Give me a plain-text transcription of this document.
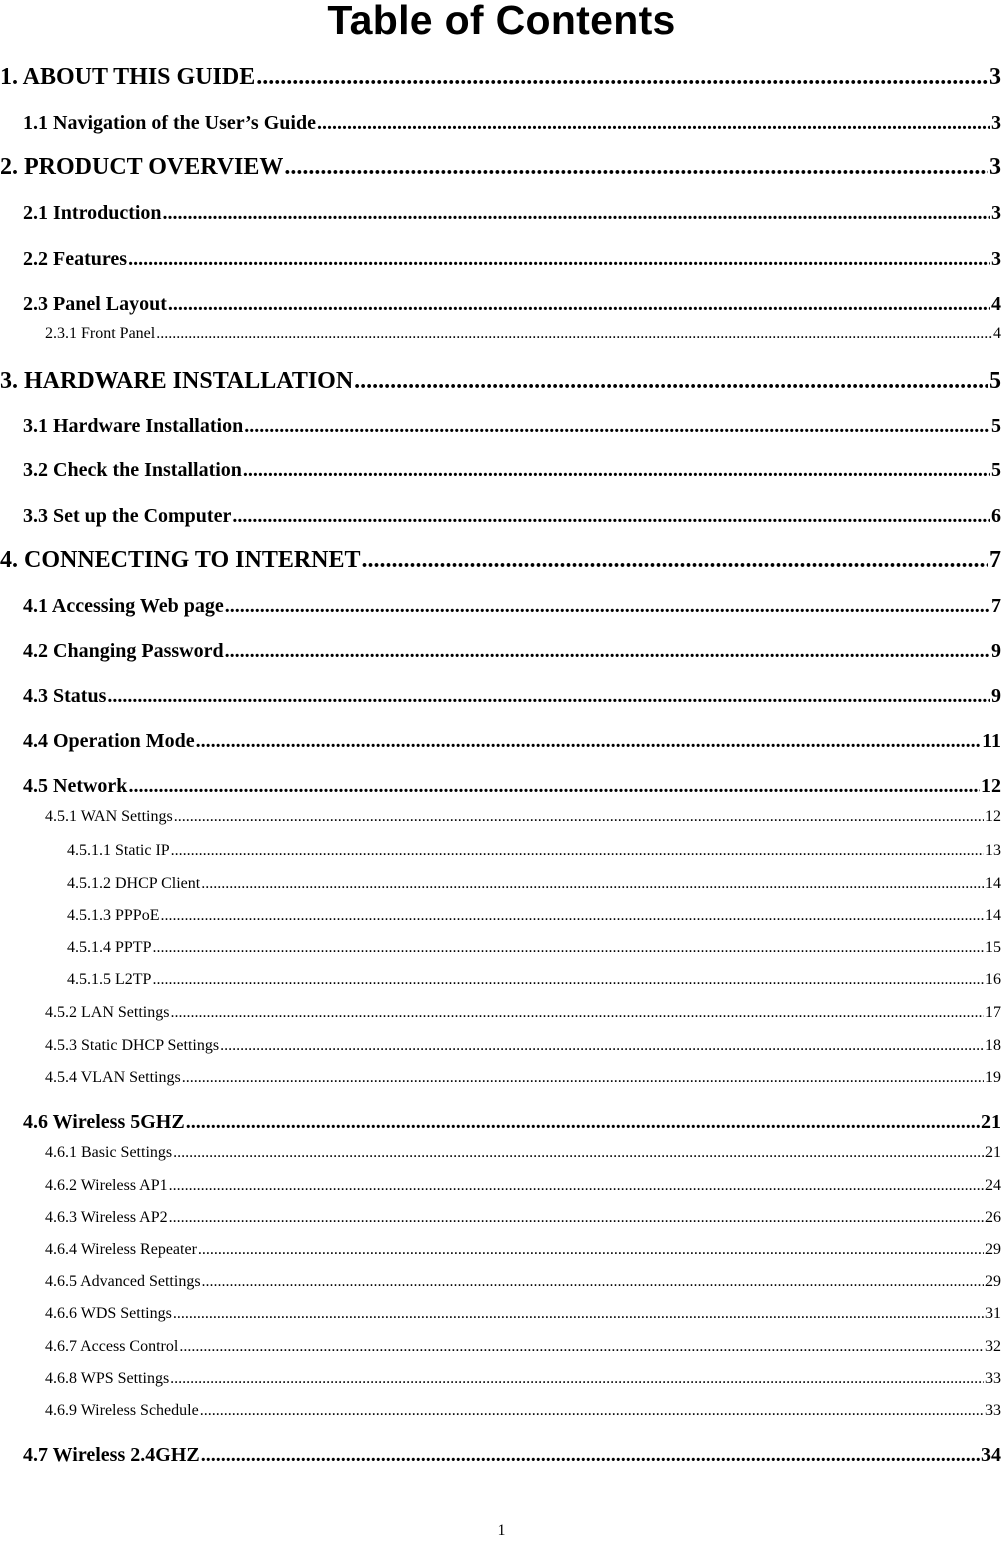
Table of Contents
1. ABOUT THIS GUIDE .....	3
1.1 Navigation of the User’s Guide .....	3
2. PRODUCT OVERVIEW .....	3
2.1 Introduction .....	3
2.2 Features .....	3
2.3 Panel Layout .....	4
2.3.1 Front Panel .....	4
3. HARDWARE INSTALLATION .....	5
3.1 Hardware Installation .....	5
3.2 Check the Installation .....	5
3.3 Set up the Computer .....	6
4. CONNECTING TO INTERNET .....	7
4.1 Accessing Web page .....	7
4.2 Changing Password .....	9
4.3 Status .....	9
4.4 Operation Mode .....	11
4.5 Network .....	12
4.5.1 WAN Settings .....	12
4.5.1.1 Static IP .....	13
4.5.1.2 DHCP Client .....	14
4.5.1.3 PPPoE .....	14
4.5.1.4 PPTP .....	15
4.5.1.5 L2TP .....	16
4.5.2 LAN Settings .....	17
4.5.3 Static DHCP Settings .....	18
4.5.4 VLAN Settings .....	19
4.6 Wireless 5GHZ .....	21
4.6.1 Basic Settings .....	21
4.6.2 Wireless AP1 .....	24
4.6.3 Wireless AP2 .....	26
4.6.4 Wireless Repeater .....	29
4.6.5 Advanced Settings .....	29
4.6.6 WDS Settings .....	31
4.6.7 Access Control .....	32
4.6.8 WPS Settings .....	33
4.6.9 Wireless Schedule .....	33
4.7 Wireless 2.4GHZ .....	34
1
